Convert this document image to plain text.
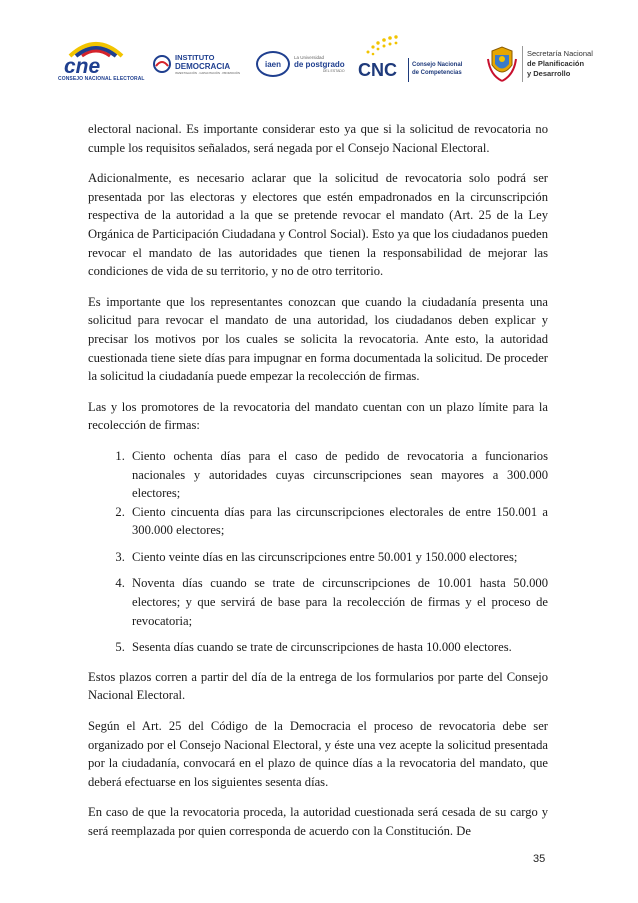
cne
CONSEJO NACIONAL ELECTORAL
INSTITUTO
DEMOCRACIA
INVESTIGACIÓN · CAPACITACIÓN · PROMOCIÓN
iaen
La Universidad
de postgrado
DEL ESTADO CNC	Consejo Nacional
de Competencias
Secretaría Nacional
de Planificación
y Desarrollo

electoral nacional. Es importante considerar esto ya que si la solicitud de revocatoria no cumple los requisitos señalados, será negada por el Consejo Nacional Electoral.

Adicionalmente, es necesario aclarar que la solicitud de revocatoria solo podrá ser presentada por las electoras y electores que estén empadronados en la circunscripción respectiva de la autoridad a la que se pretende revocar el mandato (Art. 25 de la Ley Orgánica de Participación Ciudadana y Control Social). Esto ya que los ciudadanos pueden revocar el mandato de las autoridades que tienen la responsabilidad de mejorar las condiciones de vida de su territorio, y no de otro territorio.

Es importante que los representantes conozcan que cuando la ciudadanía presenta una solicitud para revocar el mandato de una autoridad, los ciudadanos deben explicar y precisar los motivos por los cuales se solicita la revocatoria. Ante esto, la autoridad cuestionada tiene siete días para impugnar en forma documentada la solicitud. De proceder la solicitud la ciudadanía puede empezar la recolección de firmas.

Las y los promotores de la revocatoria del mandato cuentan con un plazo límite para la recolección de firmas:

1. Ciento ochenta días para el caso de pedido de revocatoria a funcionarios nacionales y autoridades cuyas circunscripciones sean mayores a 300.000 electores;
2. Ciento cincuenta días para las circunscripciones electorales de entre 150.001 a 300.000 electores;
3. Ciento veinte días en las circunscripciones entre 50.001 y 150.000 electores;
4. Noventa días cuando se trate de circunscripciones de 10.001 hasta 50.000 electores; y que servirá de base para la recolección de firmas y el proceso de revocatoria;
5. Sesenta días cuando se trate de circunscripciones de hasta 10.000 electores.

Estos plazos corren a partir del día de la entrega de los formularios por parte del Consejo Nacional Electoral.

Según el Art. 25 del Código de la Democracia el proceso de revocatoria debe ser organizado por el Consejo Nacional Electoral, y éste una vez acepte la solicitud presentada por la ciudadanía, convocará en el plazo de quince días a la revocatoria del mandato, que deberá efectuarse en los siguientes sesenta días.

En caso de que la revocatoria proceda, la autoridad cuestionada será cesada de su cargo y será reemplazada por quien corresponda de acuerdo con la Constitución. De

35
